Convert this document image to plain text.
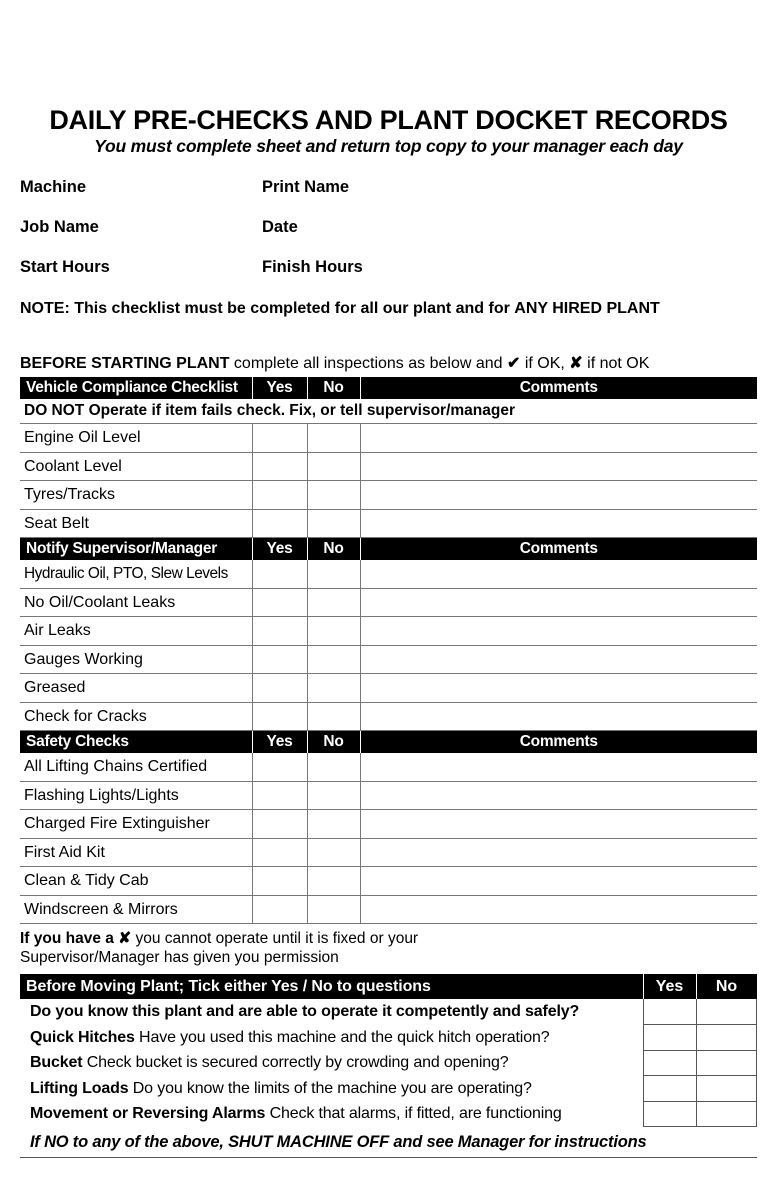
DAILY PRE-CHECKS AND PLANT DOCKET RECORDS
You must complete sheet and return top copy to your manager each day
Machine	Print Name
Job Name	Date
Start Hours	Finish Hours
NOTE: This checklist must be completed for all our plant and for ANY HIRED PLANT
BEFORE STARTING PLANT complete all inspections as below and ✔ if OK, ✘ if not OK
Vehicle Compliance Checklist	Yes	No	Comments
DO NOT Operate if item fails check. Fix, or tell supervisor/manager			
Engine Oil Level			
Coolant Level			
Tyres/Tracks			
Seat Belt			
Notify Supervisor/Manager	Yes	No	Comments
Hydraulic Oil, PTO, Slew Levels			
No Oil/Coolant Leaks			
Air Leaks			
Gauges Working			
Greased			
Check for Cracks			
Safety Checks	Yes	No	Comments
All Lifting Chains Certified			
Flashing Lights/Lights			
Charged Fire Extinguisher			
First Aid Kit			
Clean & Tidy Cab			
Windscreen & Mirrors			
If you have a ✘ you cannot operate until it is fixed or your
Supervisor/Manager has given you permission
Before Moving Plant; Tick either Yes / No to questions	Yes	No
Do you know this plant and are able to operate it competently and safely?		
Quick Hitches Have you used this machine and the quick hitch operation?		
Bucket Check bucket is secured correctly by crowding and opening?		
Lifting Loads Do you know the limits of the machine you are operating?		
Movement or Reversing Alarms Check that alarms, if fitted, are functioning		
If NO to any of the above, SHUT MACHINE OFF and see Manager for instructions		
